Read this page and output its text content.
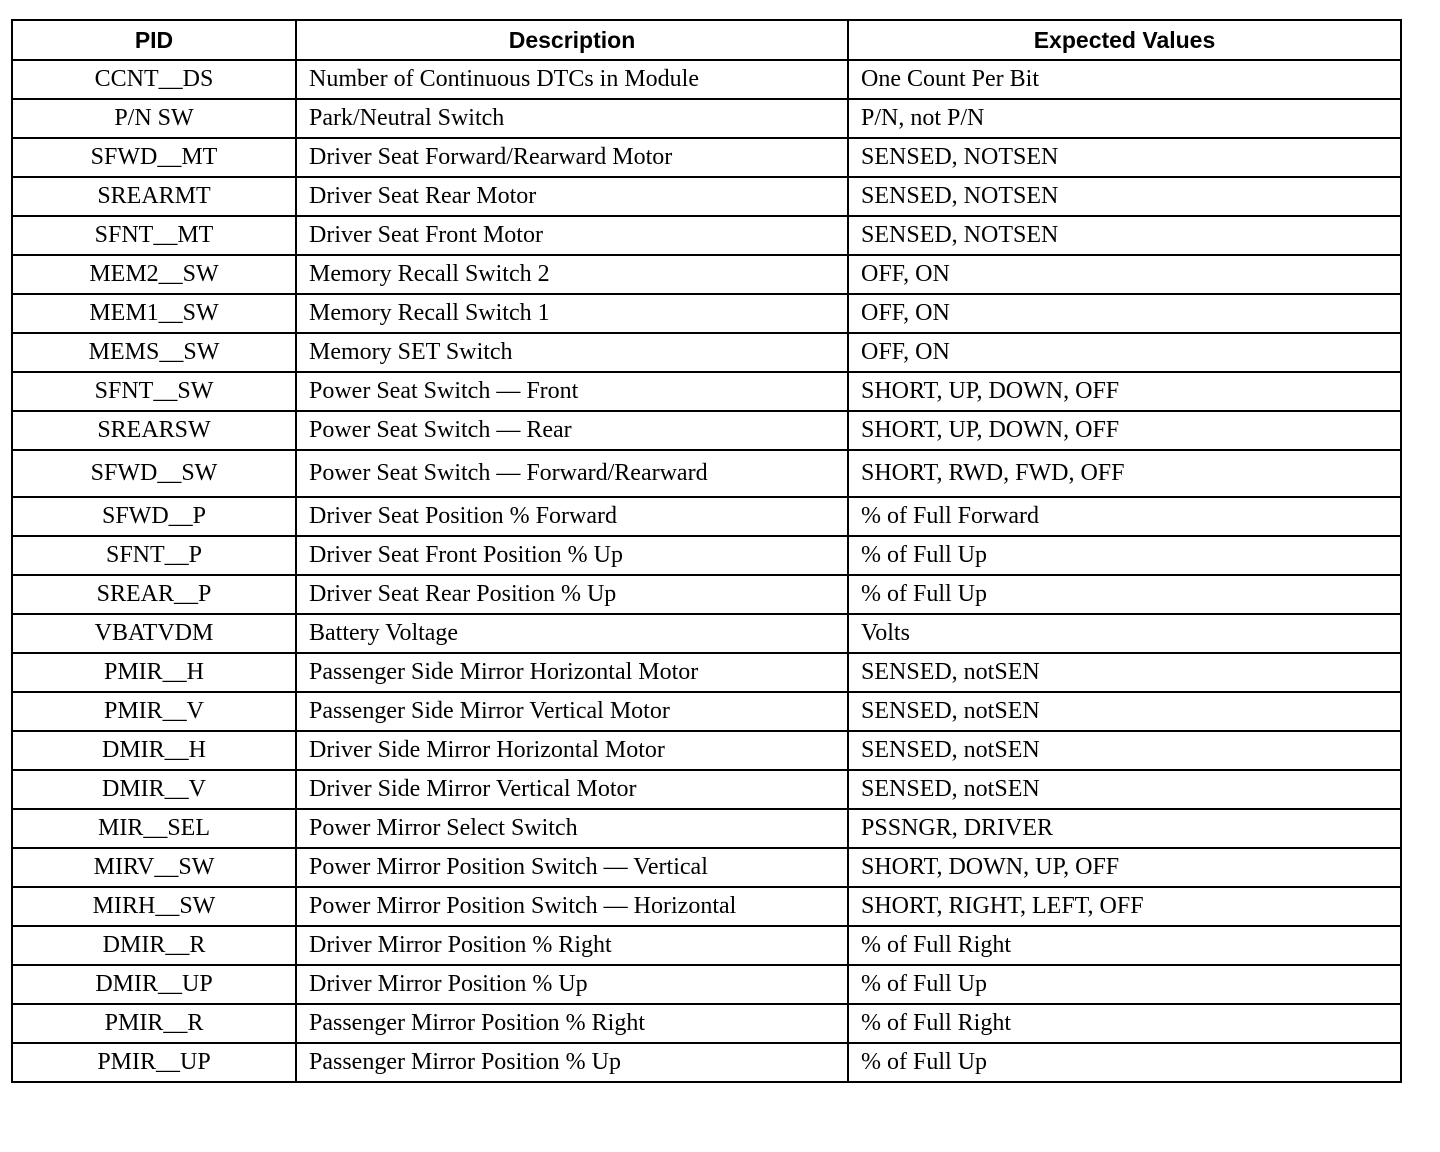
PID	Description	Expected Values
CCNT__DS	Number of Continuous DTCs in Module	One Count Per Bit
P/N SW	Park/Neutral Switch	P/N, not P/N
SFWD__MT	Driver Seat Forward/Rearward Motor	SENSED, NOTSEN
SREARMT	Driver Seat Rear Motor	SENSED, NOTSEN
SFNT__MT	Driver Seat Front Motor	SENSED, NOTSEN
MEM2__SW	Memory Recall Switch 2	OFF, ON
MEM1__SW	Memory Recall Switch 1	OFF, ON
MEMS__SW	Memory SET Switch	OFF, ON
SFNT__SW	Power Seat Switch — Front	SHORT, UP, DOWN, OFF
SREARSW	Power Seat Switch — Rear	SHORT, UP, DOWN, OFF
SFWD__SW	Power Seat Switch — Forward/Rearward	SHORT, RWD, FWD, OFF
SFWD__P	Driver Seat Position % Forward	% of Full Forward
SFNT__P	Driver Seat Front Position % Up	% of Full Up
SREAR__P	Driver Seat Rear Position % Up	% of Full Up
VBATVDM	Battery Voltage	Volts
PMIR__H	Passenger Side Mirror Horizontal Motor	SENSED, notSEN
PMIR__V	Passenger Side Mirror Vertical Motor	SENSED, notSEN
DMIR__H	Driver Side Mirror Horizontal Motor	SENSED, notSEN
DMIR__V	Driver Side Mirror Vertical Motor	SENSED, notSEN
MIR__SEL	Power Mirror Select Switch	PSSNGR, DRIVER
MIRV__SW	Power Mirror Position Switch — Vertical	SHORT, DOWN, UP, OFF
MIRH__SW	Power Mirror Position Switch — Horizontal	SHORT, RIGHT, LEFT, OFF
DMIR__R	Driver Mirror Position % Right	% of Full Right
DMIR__UP	Driver Mirror Position % Up	% of Full Up
PMIR__R	Passenger Mirror Position % Right	% of Full Right
PMIR__UP	Passenger Mirror Position % Up	% of Full Up
